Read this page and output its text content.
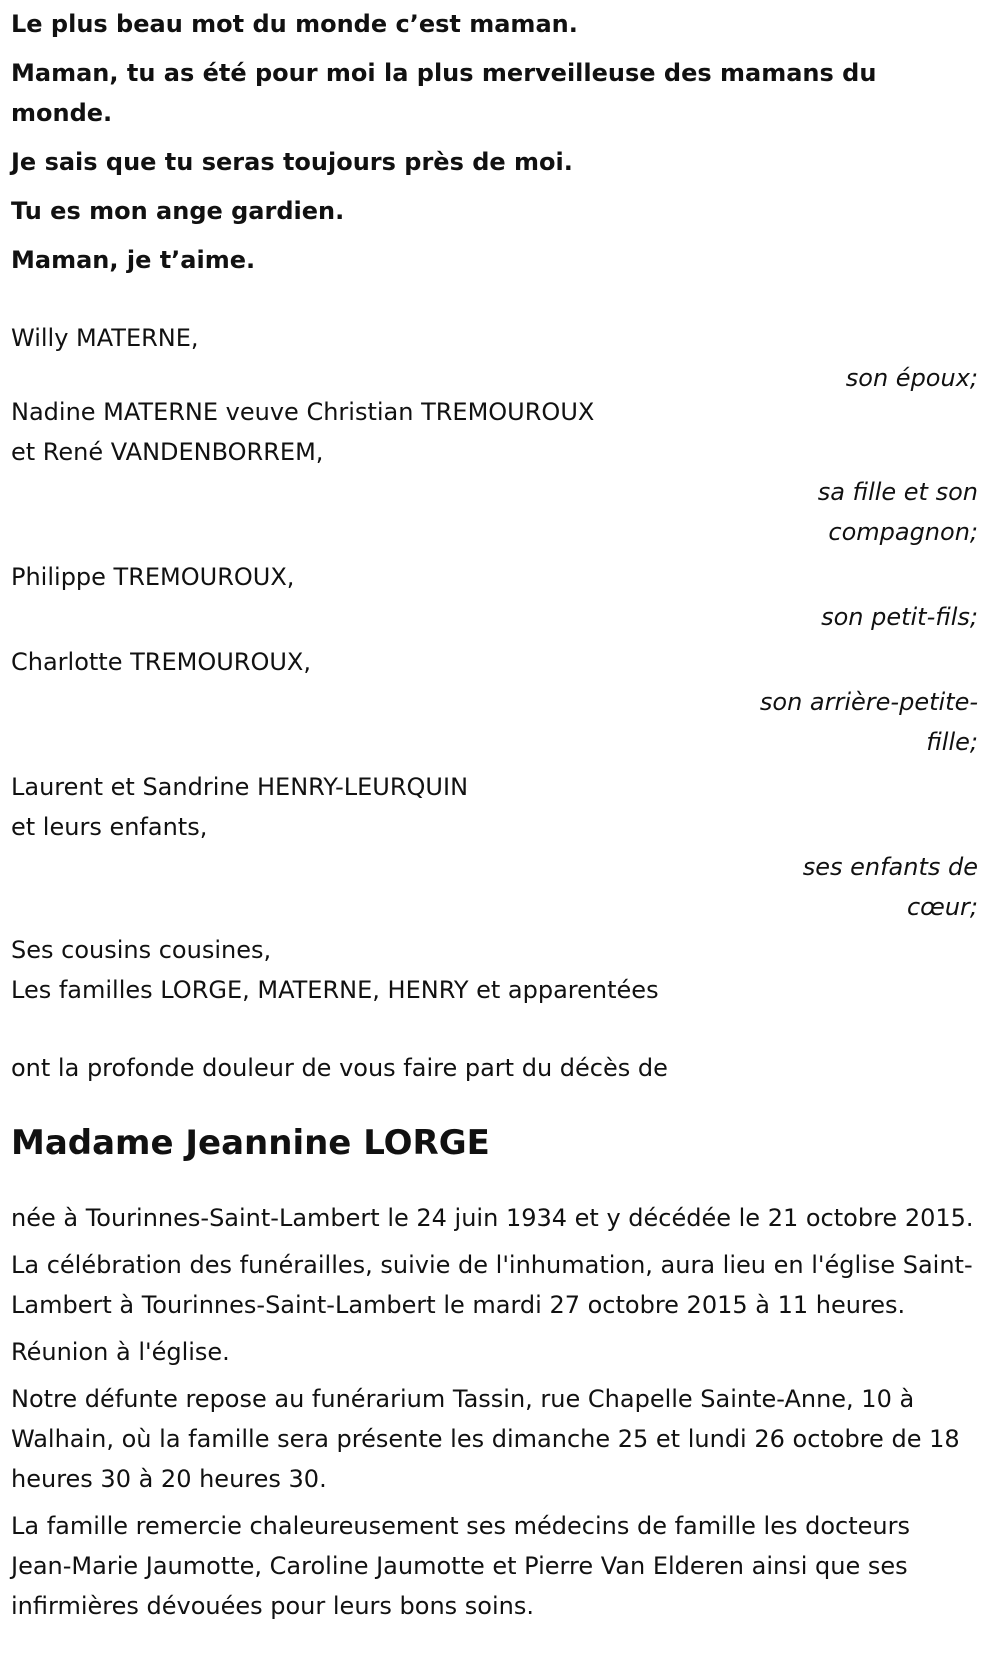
Le plus beau mot du monde c’est maman.

Maman, tu as été pour moi la plus merveilleuse des mamans du monde.

Je sais que tu seras toujours près de moi.

Tu es mon ange gardien.

Maman, je t’aime.

Willy MATERNE,
son époux;
Nadine MATERNE veuve Christian TREMOUROUX
et René VANDENBORREM,
sa fille et son compagnon;
Philippe TREMOUROUX,
son petit-fils;
Charlotte TREMOUROUX,
son arrière-petite-fille;
Laurent et Sandrine HENRY-LEURQUIN
et leurs enfants,
ses enfants de cœur;
Ses cousins cousines,
Les familles LORGE, MATERNE, HENRY et apparentées
ont la profonde douleur de vous faire part du décès de
Madame Jeannine LORGE

née à Tourinnes-Saint-Lambert le 24 juin 1934 et y décédée le 21 octobre 2015.

La célébration des funérailles, suivie de l'inhumation, aura lieu en l'église Saint-Lambert à Tourinnes-Saint-Lambert le mardi 27 octobre 2015 à 11 heures.

Réunion à l'église.

Notre défunte repose au funérarium Tassin, rue Chapelle Sainte-Anne, 10 à Walhain, où la famille sera présente les dimanche 25 et lundi 26 octobre de 18 heures 30 à 20 heures 30.

La famille remercie chaleureusement ses médecins de famille les docteurs Jean-Marie Jaumotte, Caroline Jaumotte et Pierre Van Elderen ainsi que ses infirmières dévouées pour leurs bons soins.
